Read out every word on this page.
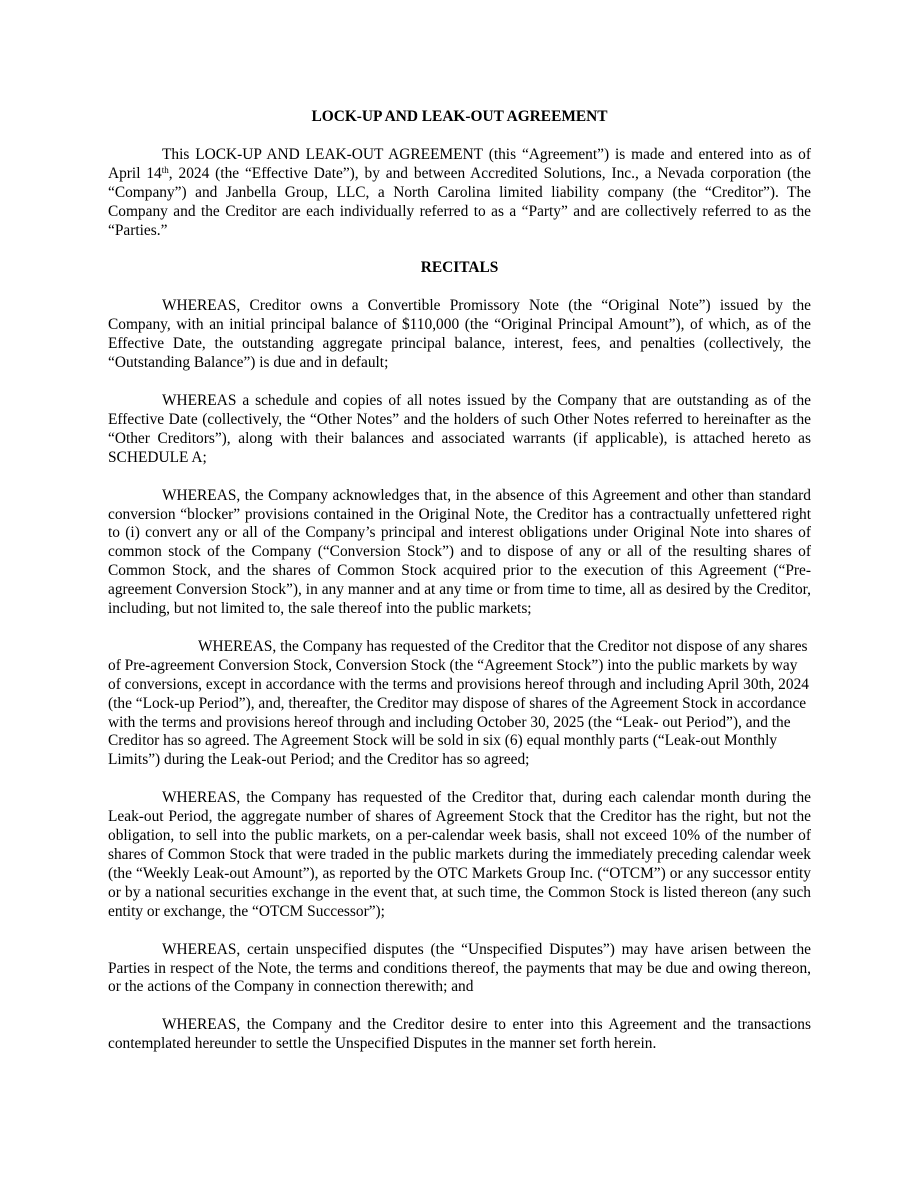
LOCK-UP AND LEAK-OUT AGREEMENT

This LOCK-UP AND LEAK-OUT AGREEMENT (this “Agreement”) is made and entered into as of April 14th, 2024 (the “Effective Date”), by and between Accredited Solutions, Inc., a Nevada corporation (the “Company”) and Janbella Group, LLC, a North Carolina limited liability company (the “Creditor”). The Company and the Creditor are each individually referred to as a “Party” and are collectively referred to as the “Parties.”

RECITALS

WHEREAS, Creditor owns a Convertible Promissory Note (the “Original Note”) issued by the Company, with an initial principal balance of $110,000 (the “Original Principal Amount”), of which, as of the Effective Date, the outstanding aggregate principal balance, interest, fees, and penalties (collectively, the “Outstanding Balance”) is due and in default;

WHEREAS a schedule and copies of all notes issued by the Company that are outstanding as of the Effective Date (collectively, the “Other Notes” and the holders of such Other Notes referred to hereinafter as the “Other Creditors”), along with their balances and associated warrants (if applicable), is attached hereto as SCHEDULE A;

WHEREAS, the Company acknowledges that, in the absence of this Agreement and other than standard conversion “blocker” provisions contained in the Original Note, the Creditor has a contractually unfettered right to (i) convert any or all of the Company’s principal and interest obligations under Original Note into shares of common stock of the Company (“Conversion Stock”) and to dispose of any or all of the resulting shares of Common Stock, and the shares of Common Stock acquired prior to the execution of this Agreement (“Pre-agreement Conversion Stock”), in any manner and at any time or from time to time, all as desired by the Creditor, including, but not limited to, the sale thereof into the public markets;

WHEREAS, the Company has requested of the Creditor that the Creditor not dispose of any shares of Pre-agreement Conversion Stock, Conversion Stock (the “Agreement Stock”) into the public markets by way of conversions, except in accordance with the terms and provisions hereof through and including April 30th, 2024 (the “Lock-up Period”), and, thereafter, the Creditor may dispose of shares of the Agreement Stock in accordance with the terms and provisions hereof through and including October 30, 2025 (the “Leak- out Period”), and the Creditor has so agreed. The Agreement Stock will be sold in six (6) equal monthly parts (“Leak-out Monthly Limits”) during the Leak-out Period; and the Creditor has so agreed;

WHEREAS, the Company has requested of the Creditor that, during each calendar month during the Leak-out Period, the aggregate number of shares of Agreement Stock that the Creditor has the right, but not the obligation, to sell into the public markets, on a per-calendar week basis, shall not exceed 10% of the number of shares of Common Stock that were traded in the public markets during the immediately preceding calendar week (the “Weekly Leak-out Amount”), as reported by the OTC Markets Group Inc. (“OTCM”) or any successor entity or by a national securities exchange in the event that, at such time, the Common Stock is listed thereon (any such entity or exchange, the “OTCM Successor”);

WHEREAS, certain unspecified disputes (the “Unspecified Disputes”) may have arisen between the Parties in respect of the Note, the terms and conditions thereof, the payments that may be due and owing thereon, or the actions of the Company in connection therewith; and

WHEREAS, the Company and the Creditor desire to enter into this Agreement and the transactions contemplated hereunder to settle the Unspecified Disputes in the manner set forth herein.
